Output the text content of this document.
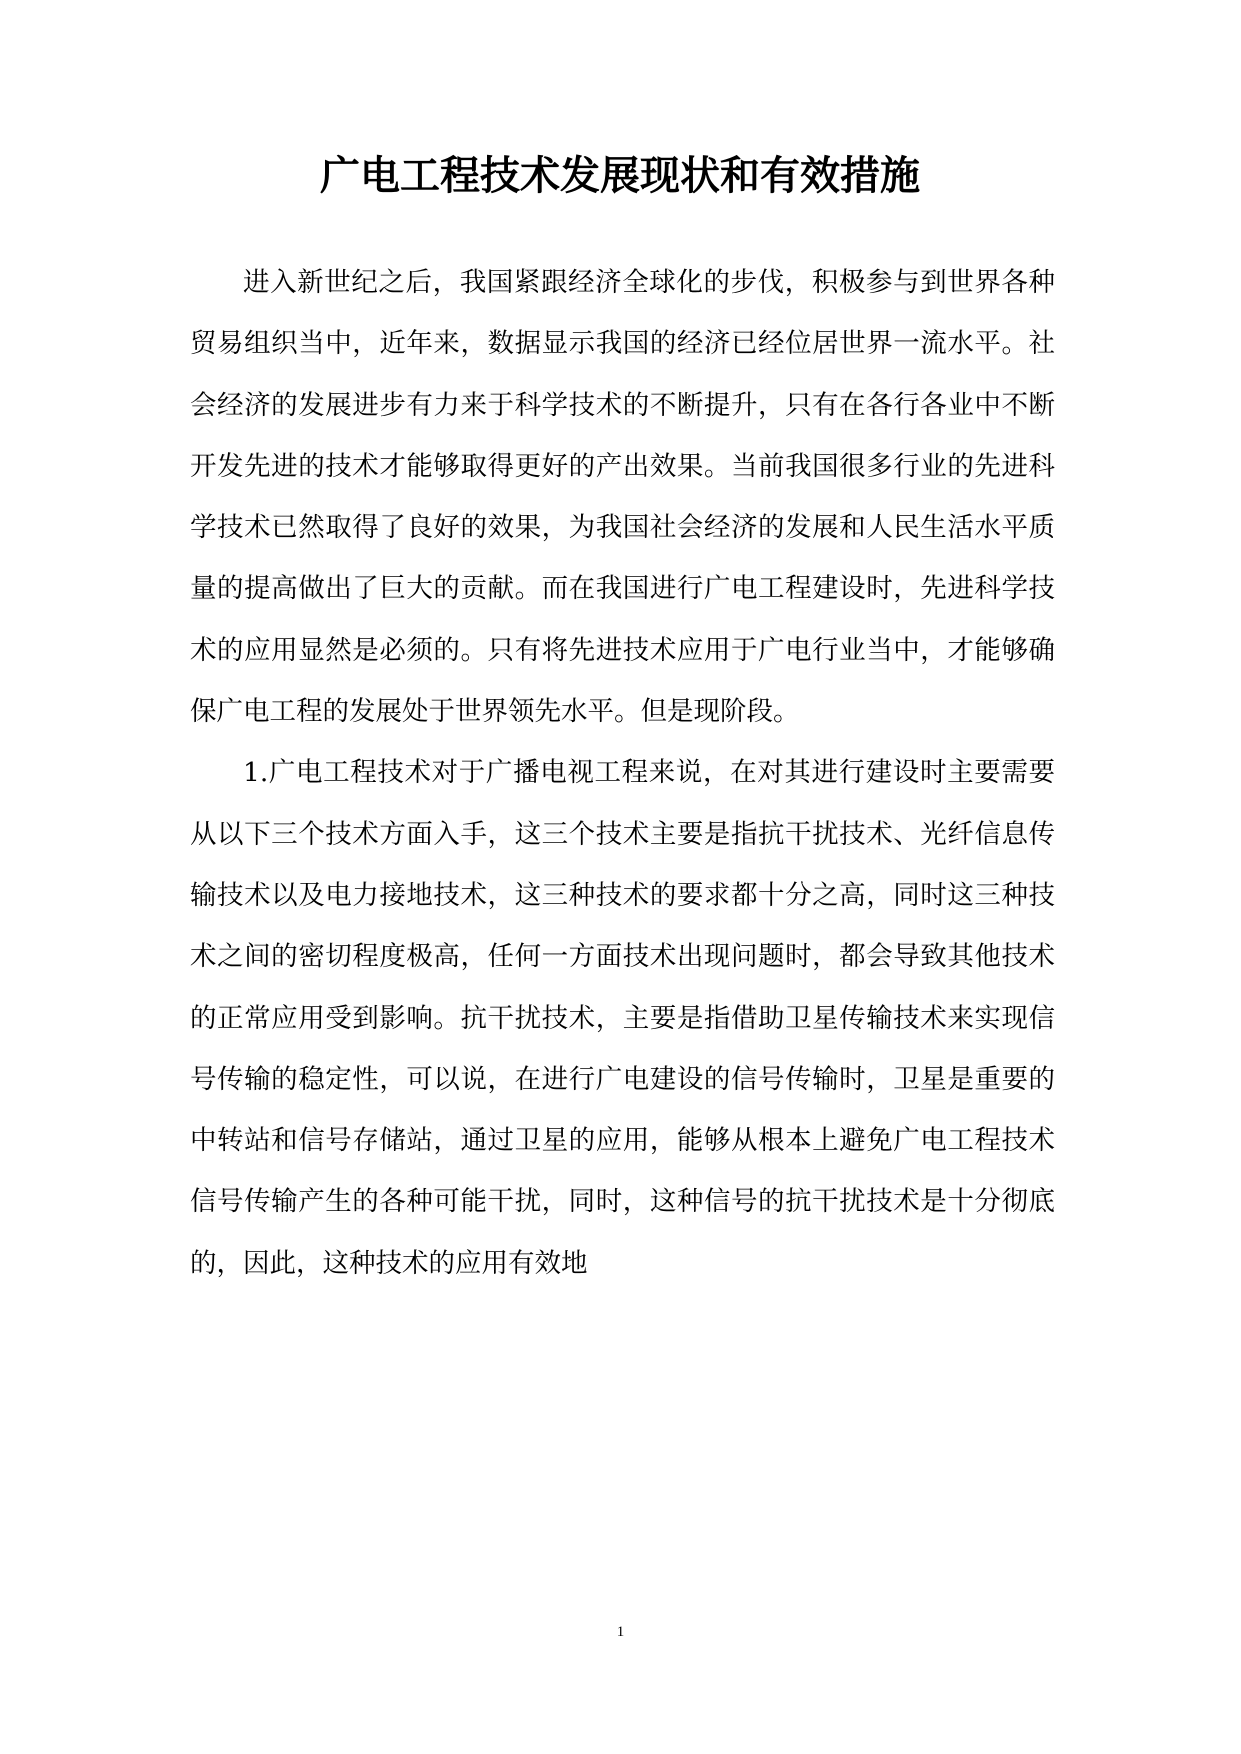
广电工程技术发展现状和有效措施

进入新世纪之后，我国紧跟经济全球化的步伐，积极参与到世界各种贸易组织当中，近年来，数据显示我国的经济已经位居世界一流水平。社会经济的发展进步有力来于科学技术的不断提升，只有在各行各业中不断开发先进的技术才能够取得更好的产出效果。当前我国很多行业的先进科学技术已然取得了良好的效果，为我国社会经济的发展和人民生活水平质量的提高做出了巨大的贡献。而在我国进行广电工程建设时，先进科学技术的应用显然是必须的。只有将先进技术应用于广电行业当中，才能够确保广电工程的发展处于世界领先水平。但是现阶段。

1.广电工程技术对于广播电视工程来说，在对其进行建设时主要需要从以下三个技术方面入手，这三个技术主要是指抗干扰技术、光纤信息传输技术以及电力接地技术，这三种技术的要求都十分之高，同时这三种技术之间的密切程度极高，任何一方面技术出现问题时，都会导致其他技术的正常应用受到影响。抗干扰技术，主要是指借助卫星传输技术来实现信号传输的稳定性，可以说，在进行广电建设的信号传输时，卫星是重要的中转站和信号存储站，通过卫星的应用，能够从根本上避免广电工程技术信号传输产生的各种可能干扰，同时，这种信号的抗干扰技术是十分彻底的，因此，这种技术的应用有效地

1
